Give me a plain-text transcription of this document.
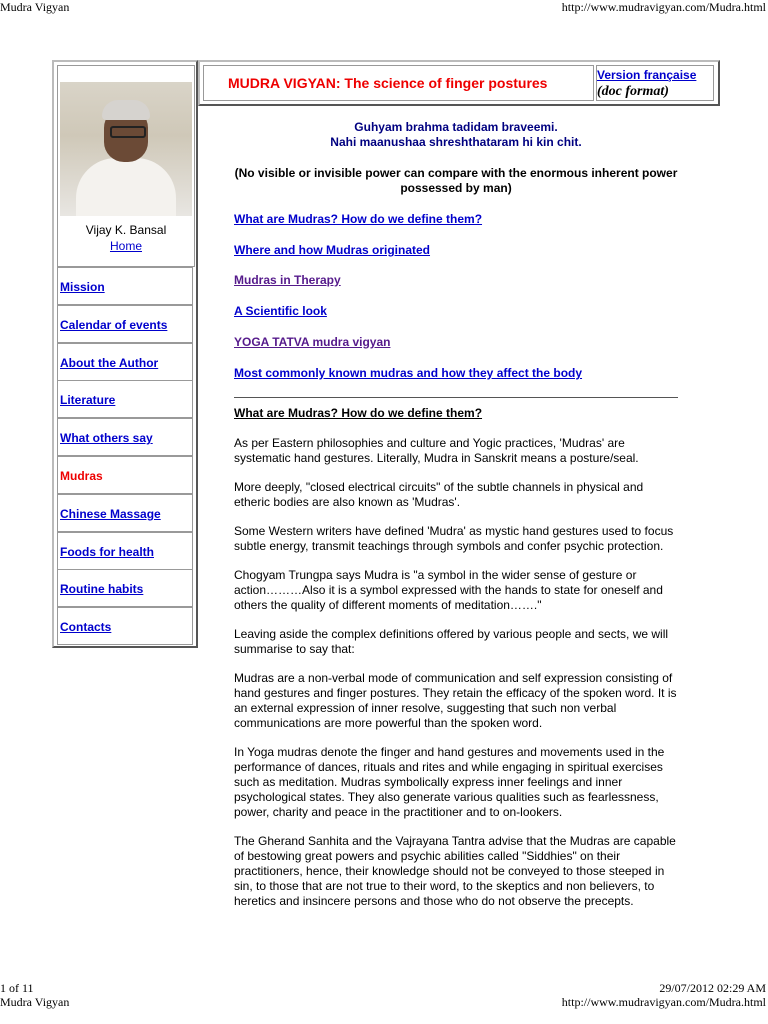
Mudra Vigyan	http://www.mudravigyan.com/Mudra.html
1 of 11	29/07/2012 02:29 AM
Mudra Vigyan	http://www.mudravigyan.com/Mudra.html
Vijay K. Bansal
Home
Mission
Calendar of events
About the Author
Literature
What others say
Mudras
Chinese Massage
Foods for health
Routine habits
Contacts
MUDRA VIGYAN: The science of finger postures	Version française
(doc format)
Guhyam brahma tadidam braveemi.
Nahi maanushaa shreshthataram hi kin chit.
(No visible or invisible power can compare with the enormous inherent power possessed by man)
What are Mudras? How do we define them?
Where and how Mudras originated
Mudras in Therapy
A Scientific look
YOGA TATVA mudra vigyan
Most commonly known mudras and how they affect the body
What are Mudras? How do we define them?

As per Eastern philosophies and culture and Yogic practices, 'Mudras' are systematic hand gestures. Literally, Mudra in Sanskrit means a posture/seal.

More deeply, "closed electrical circuits" of the subtle channels in physical and etheric bodies are also known as 'Mudras'.

Some Western writers have defined 'Mudra' as mystic hand gestures used to focus subtle energy, transmit teachings through symbols and confer psychic protection.

Chogyam Trungpa says Mudra is "a symbol in the wider sense of gesture or action………Also it is a symbol expressed with the hands to state for oneself and others the quality of different moments of meditation……."

Leaving aside the complex definitions offered by various people and sects, we will summarise to say that:

Mudras are a non-verbal mode of communication and self expression consisting of hand gestures and finger postures. They retain the efficacy of the spoken word. It is an external expression of inner resolve, suggesting that such non verbal communications are more powerful than the spoken word.

In Yoga mudras denote the finger and hand gestures and movements used in the performance of dances, rituals and rites and while engaging in spiritual exercises such as meditation. Mudras symbolically express inner feelings and inner psychological states. They also generate various qualities such as fearlessness, power, charity and peace in the practitioner and to on-lookers.

The Gherand Sanhita and the Vajrayana Tantra advise that the Mudras are capable of bestowing great powers and psychic abilities called "Siddhies" on their practitioners, hence, their knowledge should not be conveyed to those steeped in sin, to those that are not true to their word, to the skeptics and non believers, to heretics and insincere persons and those who do not observe the precepts.
